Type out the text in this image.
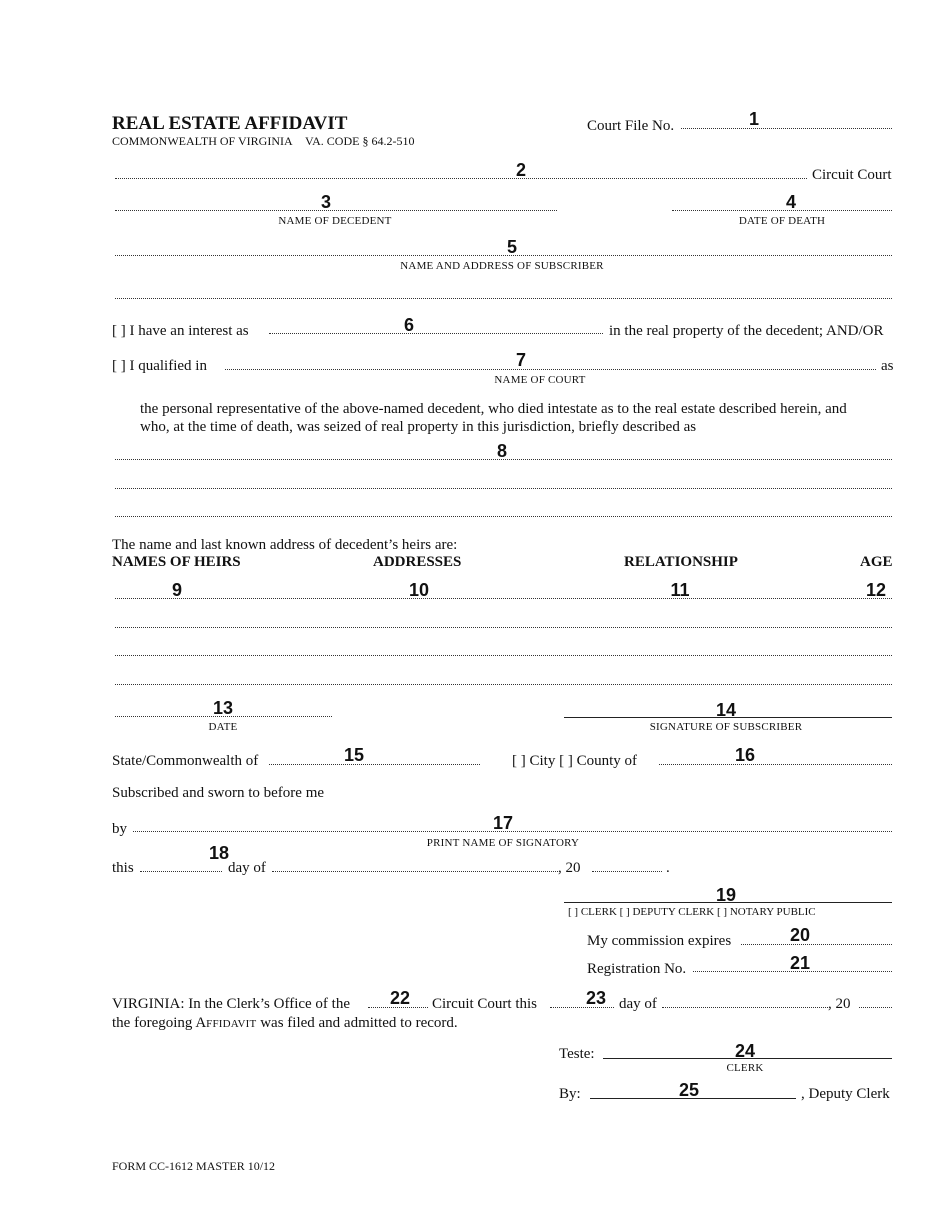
REAL ESTATE AFFIDAVIT
COMMONWEALTH OF VIRGINIA VA. CODE § 64.2-510
Court File No.	1
2	Circuit Court
3
NAME OF DECEDENT
4
DATE OF DEATH
5
NAME AND ADDRESS OF SUBSCRIBER
[ ] I have an interest as	6	in the real property of the decedent; AND/OR
[ ] I qualified in	7	as
NAME OF COURT
the personal representative of the above-named decedent, who died intestate as to the real estate described herein, and who, at the time of death, was seized of real property in this jurisdiction, briefly described as
8
The name and last known address of decedent’s heirs are:
NAMES OF HEIRS	ADDRESSES	RELATIONSHIP	AGE
9	10	11	12
13
DATE
14
SIGNATURE OF SUBSCRIBER
State/Commonwealth of	15	[ ] City [ ] County of	16
Subscribed and sworn to before me
by	17
PRINT NAME OF SIGNATORY
this
18
day of	, 20	.
19
[ ] CLERK [ ] DEPUTY CLERK [ ] NOTARY PUBLIC
My commission expires	20
Registration No.	21
VIRGINIA: In the Clerk’s Office of the 22 Circuit Court this	23 day of	, 20
the foregoing AFFIDAVIT was filed and admitted to record.
Teste:	24
CLERK
By:	25	, Deputy Clerk
FORM CC-1612 MASTER 10/12
